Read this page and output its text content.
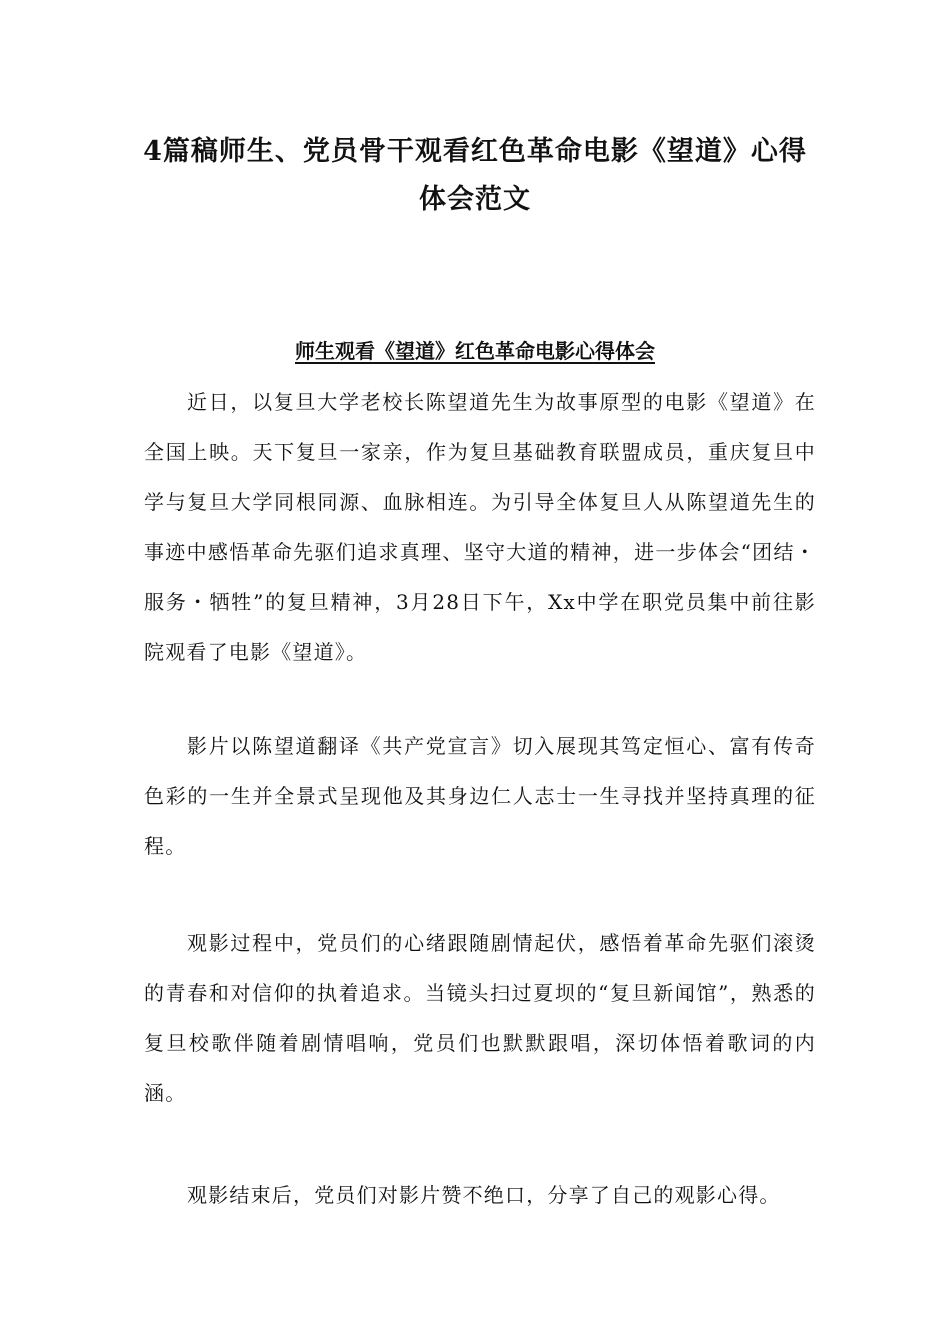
4篇稿师生、党员骨干观看红色革命电影《望道》心得体会范文
师生观看《望道》红色革命电影心得体会

近日，以复旦大学老校长陈望道先生为故事原型的电影《望道》在全国上映。天下复旦一家亲，作为复旦基础教育联盟成员，重庆复旦中学与复旦大学同根同源、血脉相连。为引导全体复旦人从陈望道先生的事迹中感悟革命先驱们追求真理、坚守大道的精神，进一步体会“团结・服务・牺牲”的复旦精神，3月28日下午，Xx中学在职党员集中前往影院观看了电影《望道》。

影片以陈望道翻译《共产党宣言》切入展现其笃定恒心、富有传奇色彩的一生并全景式呈现他及其身边仁人志士一生寻找并坚持真理的征程。

观影过程中，党员们的心绪跟随剧情起伏，感悟着革命先驱们滚烫的青春和对信仰的执着追求。当镜头扫过夏坝的“复旦新闻馆”，熟悉的复旦校歌伴随着剧情唱响，党员们也默默跟唱，深切体悟着歌词的内涵。

观影结束后，党员们对影片赞不绝口，分享了自己的观影心得。
